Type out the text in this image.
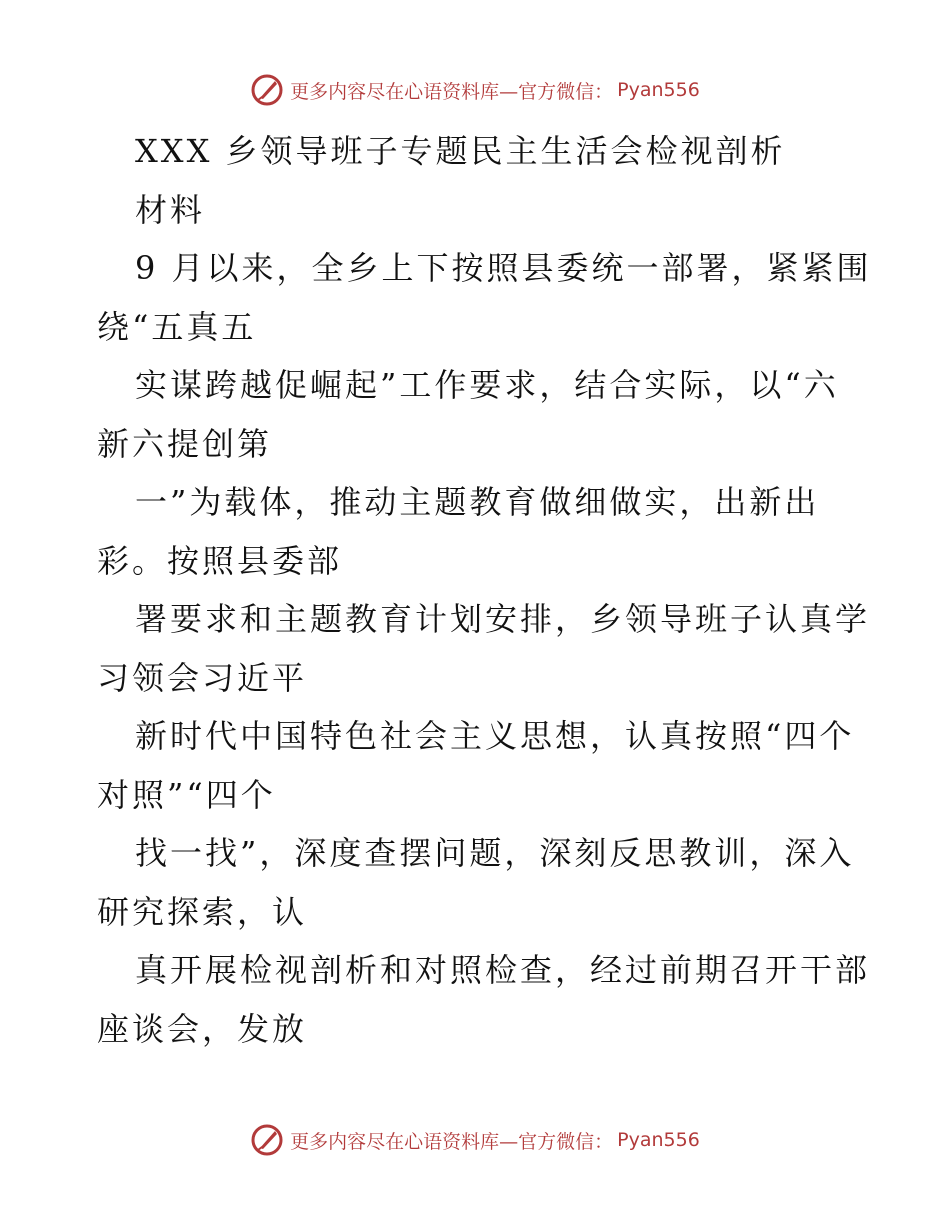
更多内容尽在心语资料库—官方微信： Pyan556
XXX 乡领导班子专题民主生活会检视剖析
材料
9 月以来，全乡上下按照县委统一部署，紧紧围
绕“五真五
实谋跨越促崛起”工作要求，结合实际，以“六
新六提创第
一”为载体，推动主题教育做细做实，出新出
彩。按照县委部
署要求和主题教育计划安排，乡领导班子认真学
习领会习近平
新时代中国特色社会主义思想，认真按照“四个
对照”“四个
找一找”，深度查摆问题，深刻反思教训，深入
研究探索，认
真开展检视剖析和对照检查，经过前期召开干部
座谈会，发放
更多内容尽在心语资料库—官方微信： Pyan556
